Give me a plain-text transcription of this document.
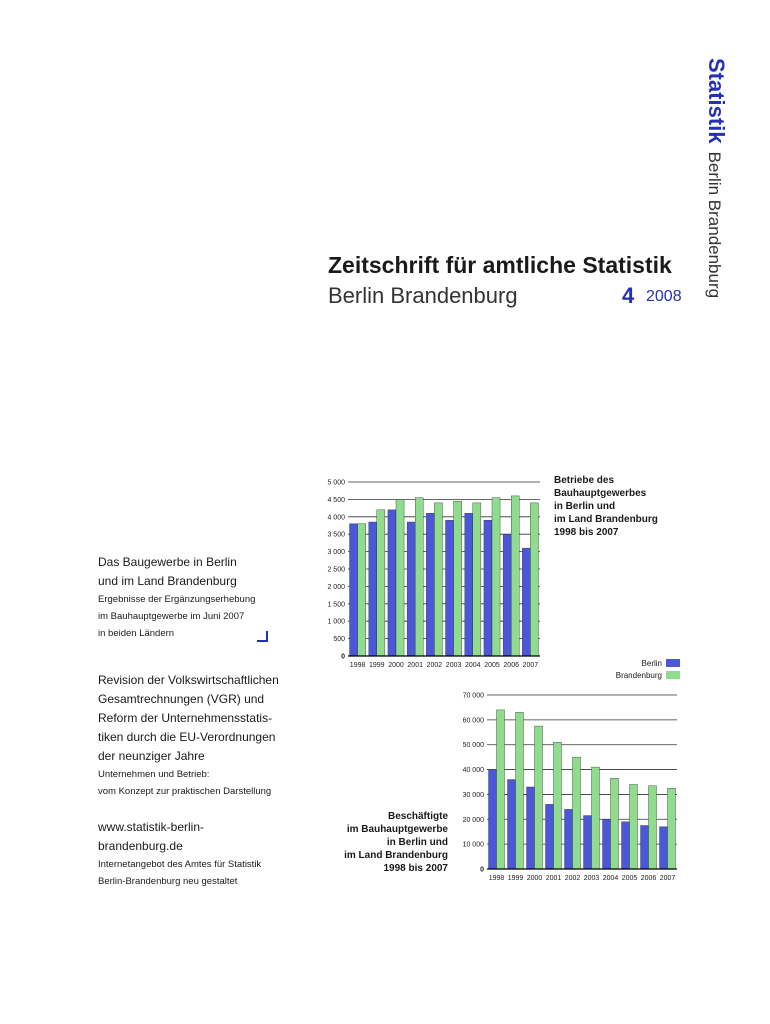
StatistikBerlin Brandenburg
Zeitschrift für amtliche Statistik
Berlin Brandenburg	4 2008
Das Baugewerbe in Berlin
und im Land Brandenburg
Ergebnisse der Ergänzungserhebung
im Bauhauptgewerbe im Juni 2007
in beiden Ländern
Revision der Volkswirtschaftlichen
Gesamtrechnungen (VGR) und
Reform der Unternehmensstatis-
tiken durch die EU-Verordnungen
der neunziger Jahre
Unternehmen und Betrieb:
vom Konzept zur praktischen Darstellung
www.statistik-berlin-
brandenburg.de
Internetangebot des Amtes für Statistik
Berlin-Brandenburg neu gestaltet
Betriebe des
Bauhauptgewerbes
in Berlin und
im Land Brandenburg
1998 bis 2007
Beschäftigte
im Bauhauptgewerbe
in Berlin und
im Land Brandenburg
1998 bis 2007
Berlin
Brandenburg
0
500
1 000
1 500
2 000
2 500
3 000
3 500
4 000
4 500
5 000
1998 1999 2000 2001 2002 2003 2004 2005 2006 2007
0
10 000
20 000
30 000
40 000
50 000
60 000
70 000
1998 1999 2000 2001 2002 2003 2004 2005 2006 2007
